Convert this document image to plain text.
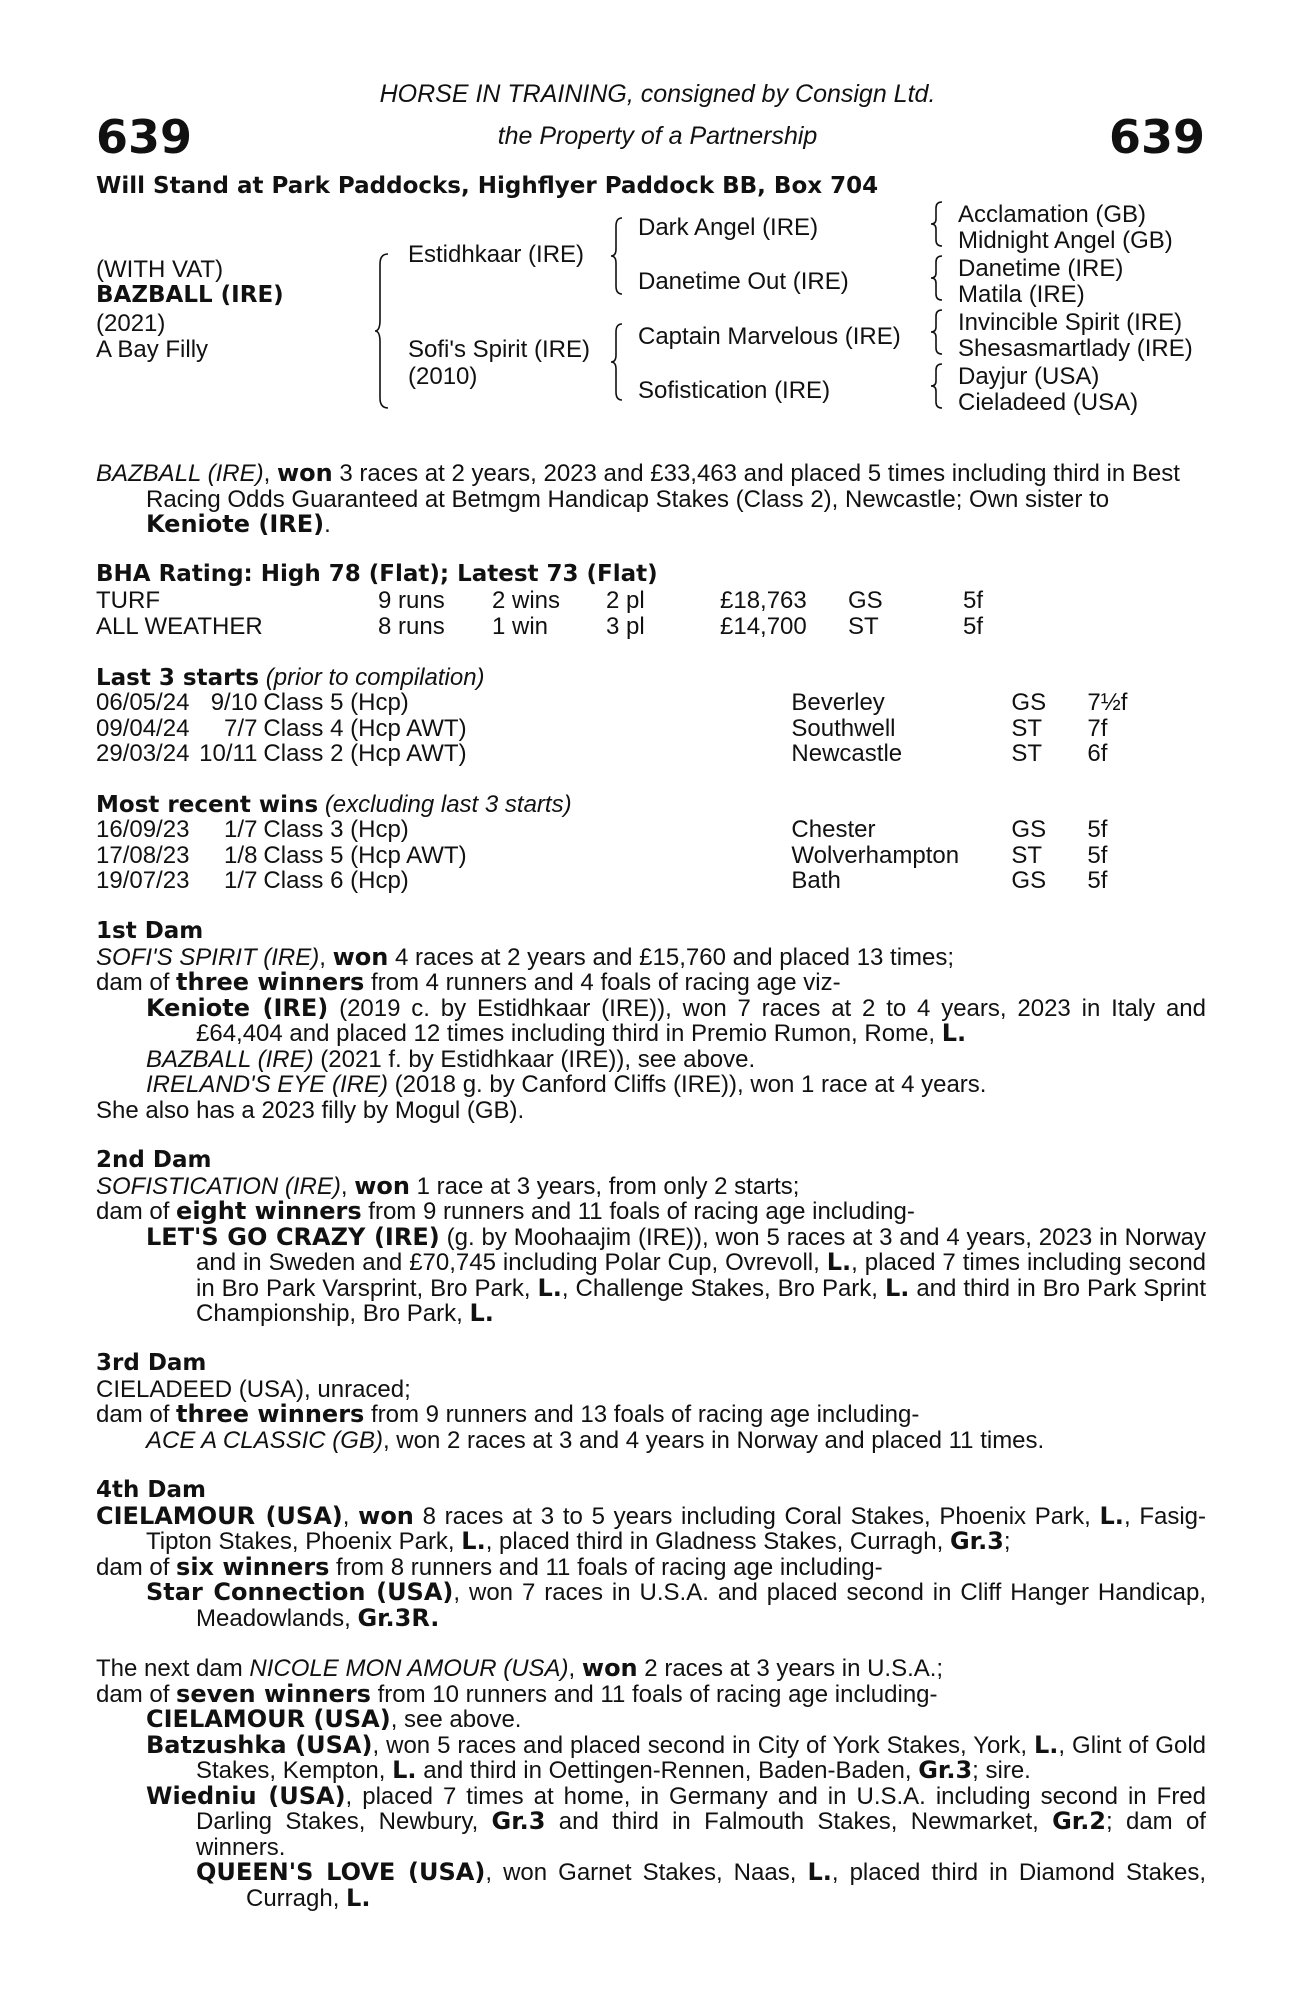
639	639
HORSE IN TRAINING, consigned by Consign Ltd.
the Property of a Partnership
Will Stand at Park Paddocks, Highflyer Paddock BB, Box 704
(WITH VAT)
BAZBALL (IRE)
(2021)
A Bay Filly
Estidhkaar (IRE)
Sofi's Spirit (IRE)
(2010)
Dark Angel (IRE)
Danetime Out (IRE)
Captain Marvelous (IRE)
Sofistication (IRE)
Acclamation (GB)
Midnight Angel (GB)
Danetime (IRE)
Matila (IRE)
Invincible Spirit (IRE)
Shesasmartlady (IRE)
Dayjur (USA)
Cieladeed (USA)

BAZBALL (IRE), won 3 races at 2 years, 2023 and £33,463 and placed 5 times including third in Best Racing Odds Guaranteed at Betmgm Handicap Stakes (Class 2), Newcastle; Own sister to Keniote (IRE).

BHA Rating: High 78 (Flat); Latest 73 (Flat)
TURF	9 runs	2 wins	2 pl	£18,763	GS	5f
ALL WEATHER	8 runs	1 win	3 pl	£14,700	ST	5f
Last 3 starts (prior to compilation)
06/05/24	9/10	Class 5 (Hcp)	Beverley	GS	7½f
09/04/24	7/7	Class 4 (Hcp AWT)	Southwell	ST	7f
29/03/24	10/11	Class 2 (Hcp AWT)	Newcastle	ST	6f
Most recent wins (excluding last 3 starts)
16/09/23	1/7	Class 3 (Hcp)	Chester	GS	5f
17/08/23	1/8	Class 5 (Hcp AWT)	Wolverhampton	ST	5f
19/07/23	1/7	Class 6 (Hcp)	Bath	GS	5f

1st Dam

SOFI'S SPIRIT (IRE), won 4 races at 2 years and £15,760 and placed 13 times;

dam of three winners from 4 runners and 4 foals of racing age viz-

Keniote (IRE) (2019 c. by Estidhkaar (IRE)), won 7 races at 2 to 4 years, 2023 in Italy and £64,404 and placed 12 times including third in Premio Rumon, Rome, L.

BAZBALL (IRE) (2021 f. by Estidhkaar (IRE)), see above.

IRELAND'S EYE (IRE) (2018 g. by Canford Cliffs (IRE)), won 1 race at 4 years.

She also has a 2023 filly by Mogul (GB).

2nd Dam

SOFISTICATION (IRE), won 1 race at 3 years, from only 2 starts;

dam of eight winners from 9 runners and 11 foals of racing age including-

LET'S GO CRAZY (IRE) (g. by Moohaajim (IRE)), won 5 races at 3 and 4 years, 2023 in Norway and in Sweden and £70,745 including Polar Cup, Ovrevoll, L., placed 7 times including second in Bro Park Varsprint, Bro Park, L., Challenge Stakes, Bro Park, L. and third in Bro Park Sprint Championship, Bro Park, L.

3rd Dam

CIELADEED (USA), unraced;

dam of three winners from 9 runners and 13 foals of racing age including-

ACE A CLASSIC (GB), won 2 races at 3 and 4 years in Norway and placed 11 times.

4th Dam

CIELAMOUR (USA), won 8 races at 3 to 5 years including Coral Stakes, Phoenix Park, L., Fasig-Tipton Stakes, Phoenix Park, L., placed third in Gladness Stakes, Curragh, Gr.3;

dam of six winners from 8 runners and 11 foals of racing age including-

Star Connection (USA), won 7 races in U.S.A. and placed second in Cliff Hanger Handicap, Meadowlands, Gr.3R.

The next dam NICOLE MON AMOUR (USA), won 2 races at 3 years in U.S.A.;

dam of seven winners from 10 runners and 11 foals of racing age including-

CIELAMOUR (USA), see above.

Batzushka (USA), won 5 races and placed second in City of York Stakes, York, L., Glint of Gold Stakes, Kempton, L. and third in Oettingen-Rennen, Baden-Baden, Gr.3; sire.

Wiedniu (USA), placed 7 times at home, in Germany and in U.S.A. including second in Fred Darling Stakes, Newbury, Gr.3 and third in Falmouth Stakes, Newmarket, Gr.2; dam of winners.

QUEEN'S LOVE (USA), won Garnet Stakes, Naas, L., placed third in Diamond Stakes, Curragh, L.
